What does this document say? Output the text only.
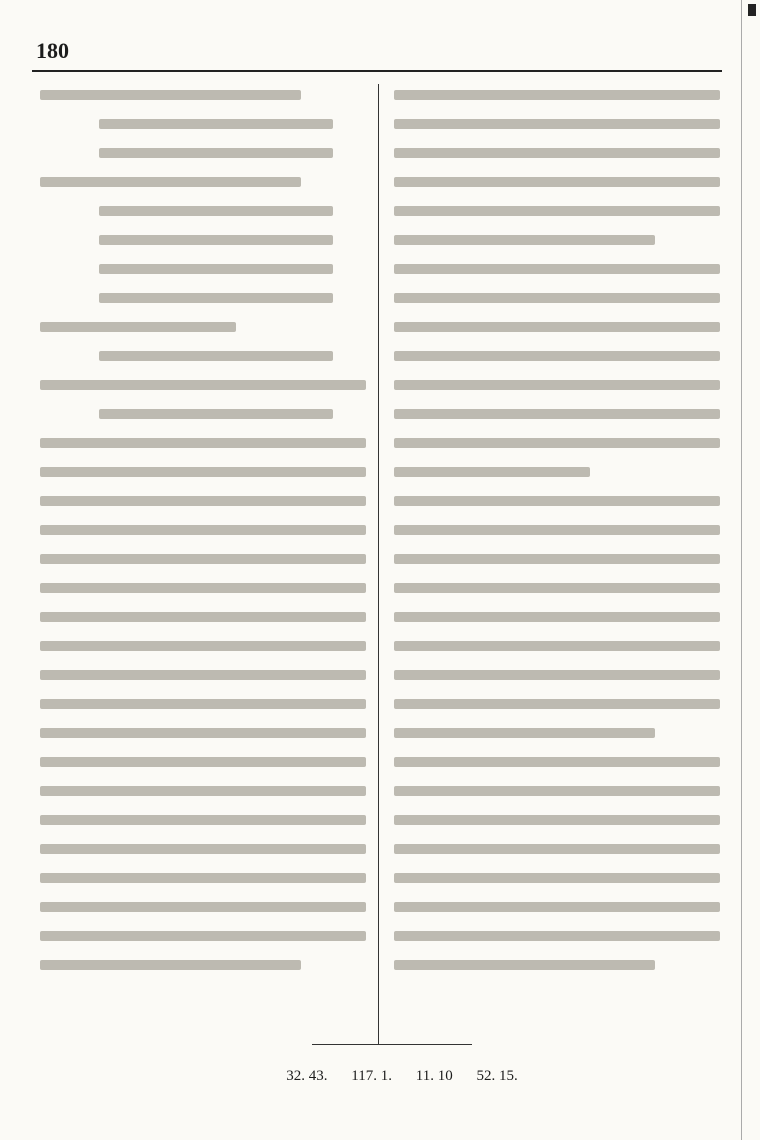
180
32. 43. 117. 1. 11. 10 52. 15.
